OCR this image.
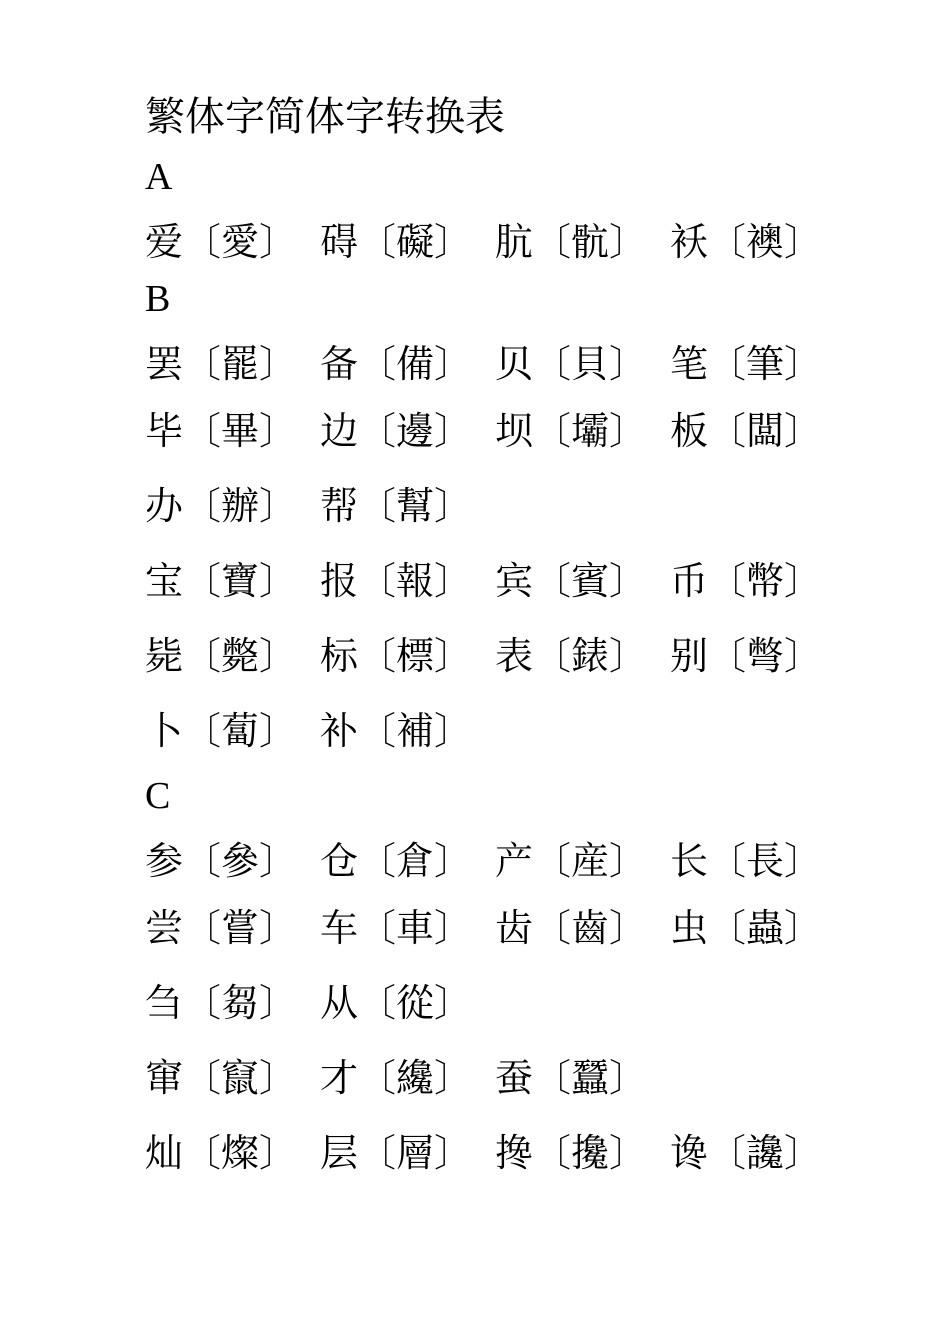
繁体字简体字转换表
A
爱〔愛〕 碍〔礙〕 肮〔骯〕 袄〔襖〕
B
罢〔罷〕 备〔備〕 贝〔貝〕 笔〔筆〕
毕〔畢〕 边〔邊〕 坝〔壩〕 板〔闆〕
办〔辦〕 帮〔幫〕
宝〔寶〕 报〔報〕 宾〔賓〕 币〔幣〕
毙〔斃〕 标〔標〕 表〔錶〕 别〔彆〕
卜〔蔔〕 补〔補〕
C
参〔參〕 仓〔倉〕 产〔産〕 长〔長〕
尝〔嘗〕 车〔車〕 齿〔齒〕 虫〔蟲〕
刍〔芻〕 从〔從〕
窜〔竄〕 才〔纔〕 蚕〔蠶〕
灿〔燦〕 层〔層〕 搀〔攙〕 谗〔讒〕
